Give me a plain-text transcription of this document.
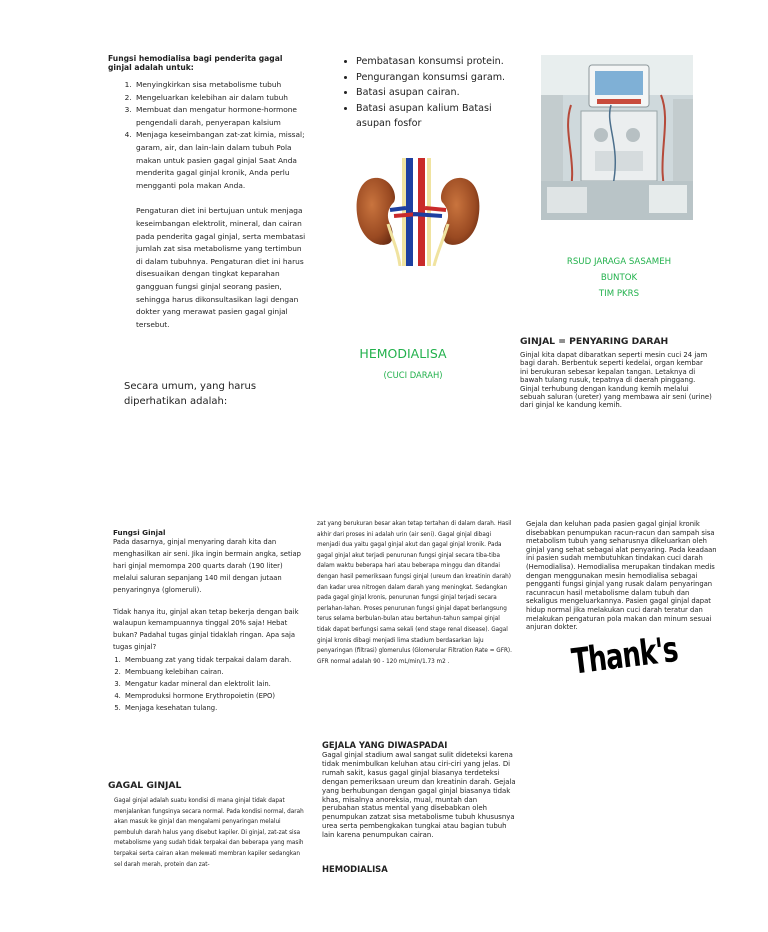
Fungsi hemodialisa bagi penderita gagal ginjal adalah untuk:

1. Menyingkirkan sisa metabolisme tubuh
2. Mengeluarkan kelebihan air dalam tubuh
3. Membuat dan mengatur hormone-hormone pengendali darah, penyerapan kalsium
4. Menjaga keseimbangan zat-zat kimia, missal; garam, air, dan lain-lain dalam tubuh Pola makan untuk pasien gagal ginjal Saat Anda menderita gagal ginjal kronik, Anda perlu mengganti pola makan Anda.

Pengaturan diet ini bertujuan untuk menjaga keseimbangan elektrolit, mineral, dan cairan pada penderita gagal ginjal, serta membatasi jumlah zat sisa metabolisme yang tertimbun di dalam tubuhnya. Pengaturan diet ini harus disesuaikan dengan tingkat keparahan gangguan fungsi ginjal seorang pasien, sehingga harus dikonsultasikan lagi dengan dokter yang merawat pasien gagal ginjal tersebut.

Secara umum, yang harus diperhatikan adalah:

• Pembatasan konsumsi protein.
• Pengurangan konsumsi garam.
• Batasi asupan cairan.
• Batasi asupan kalium Batasi asupan fosfor

HEMODIALISA

(CUCI DARAH)

RSUD JARAGA SASAMEH

BUNTOK

TIM PKRS

GINJAL = PENYARING DARAH

Ginjal kita dapat dibaratkan seperti mesin cuci 24 jam bagi darah. Berbentuk seperti kedelai, organ kembar ini berukuran sebesar kepalan tangan. Letaknya di bawah tulang rusuk, tepatnya di daerah pinggang. Ginjal terhubung dengan kandung kemih melalui sebuah saluran (ureter) yang membawa air seni (urine) dari ginjal ke kandung kemih.

Fungsi Ginjal

Pada dasarnya, ginjal menyaring darah kita dan menghasilkan air seni. Jika ingin bermain angka, setiap hari ginjal memompa 200 quarts darah (190 liter) melalui saluran sepanjang 140 mil dengan jutaan penyaringnya (glomeruli).

Tidak hanya itu, ginjal akan tetap bekerja dengan baik walaupun kemampuannya tinggal 20% saja! Hebat bukan? Padahal tugas ginjal tidaklah ringan. Apa saja tugas ginjal?

1. Membuang zat yang tidak terpakai dalam darah.
2. Membuang kelebihan cairan.
3. Mengatur kadar mineral dan elektrolit lain.
4. Memproduksi hormone Erythropoietin (EPO)
5. Menjaga kesehatan tulang.

GAGAL GINJAL

Gagal ginjal adalah suatu kondisi di mana ginjal tidak dapat menjalankan fungsinya secara normal. Pada kondisi normal, darah akan masuk ke ginjal dan mengalami penyaringan melalui pembuluh darah halus yang disebut kapiler. Di ginjal, zat-zat sisa metabolisme yang sudah tidak terpakai dan beberapa yang masih terpakai serta cairan akan melewati membran kapiler sedangkan sel darah merah, protein dan zat-

zat yang berukuran besar akan tetap tertahan di dalam darah. Hasil akhir dari proses ini adalah urin (air seni). Gagal ginjal dibagi menjadi dua yaitu gagal ginjal akut dan gagal ginjal kronik. Pada gagal ginjal akut terjadi penurunan fungsi ginjal secara tiba-tiba dalam waktu beberapa hari atau beberapa minggu dan ditandai dengan hasil pemeriksaan fungsi ginjal (ureum dan kreatinin darah) dan kadar urea nitrogen dalam darah yang meningkat. Sedangkan pada gagal ginjal kronis, penurunan fungsi ginjal terjadi secara perlahan-lahan. Proses penurunan fungsi ginjal dapat berlangsung terus selama berbulan-bulan atau bertahun-tahun sampai ginjal tidak dapat berfungsi sama sekali (end stage renal disease). Gagal ginjal kronis dibagi menjadi lima stadium berdasarkan laju penyaringan (filtrasi) glomerulus (Glomerular Filtration Rate = GFR). GFR normal adalah 90 - 120 mL/min/1.73 m2 .

GEJALA YANG DIWASPADAI

Gagal ginjal stadium awal sangat sulit dideteksi karena tidak menimbulkan keluhan atau ciri-ciri yang jelas. Di rumah sakit, kasus gagal ginjal biasanya terdeteksi dengan pemeriksaan ureum dan kreatinin darah. Gejala yang berhubungan dengan gagal ginjal biasanya tidak khas, misalnya anoreksia, mual, muntah dan perubahan status mental yang disebabkan oleh penumpukan zatzat sisa metabolisme tubuh khususnya urea serta pembengkakan tungkai atau bagian tubuh lain karena penumpukan cairan.

HEMODIALISA

Gejala dan keluhan pada pasien gagal ginjal kronik disebabkan penumpukan racun-racun dan sampah sisa metabolism tubuh yang seharusnya dikeluarkan oleh ginjal yang sehat sebagai alat penyaring. Pada keadaan ini pasien sudah membutuhkan tindakan cuci darah (Hemodialisa). Hemodialisa merupakan tindakan medis dengan menggunakan mesin hemodialisa sebagai pengganti fungsi ginjal yang rusak dalam penyaringan racunracun hasil metabolisme dalam tubuh dan sekaligus mengeluarkannya. Pasien gagal ginjal dapat hidup normal jika melakukan cuci darah teratur dan melakukan pengaturan pola makan dan minum sesuai anjuran dokter.

Thank's
